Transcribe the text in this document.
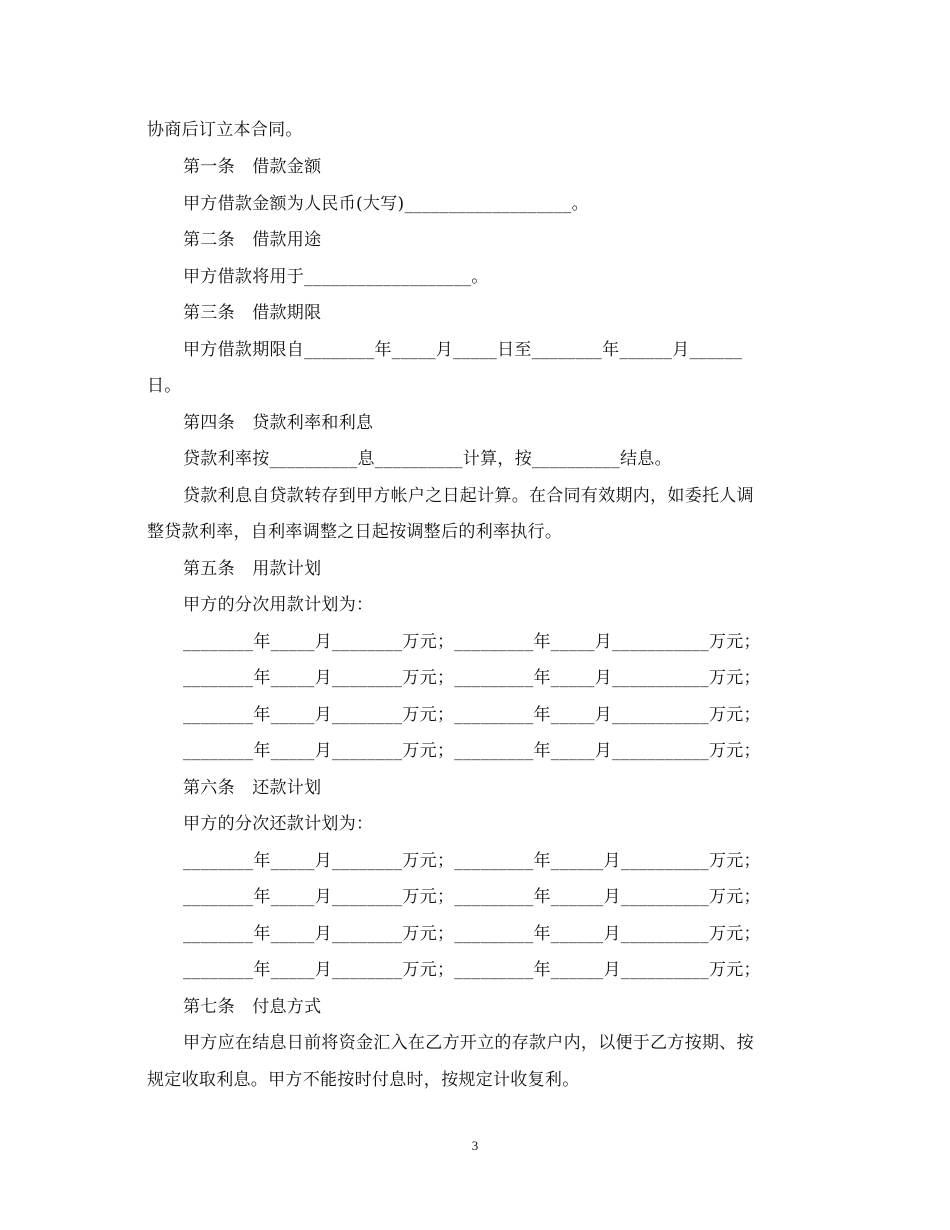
协商后订立本合同。
第一条　借款金额
甲方借款金额为人民币(大写)___________________。
第二条　借款用途
甲方借款将用于___________________。
第三条　借款期限
甲方借款期限自________年_____月_____日至________年______月______
日。
第四条　贷款利率和利息
贷款利率按__________息__________计算，按__________结息。
贷款利息自贷款转存到甲方帐户之日起计算。在合同有效期内，如委托人调
整贷款利率，自利率调整之日起按调整后的利率执行。
第五条　用款计划
甲方的分次用款计划为：
________年_____月________万元；_________年_____月___________万元；
________年_____月________万元；_________年_____月___________万元；
________年_____月________万元；_________年_____月___________万元；
________年_____月________万元；_________年_____月___________万元；
第六条　还款计划
甲方的分次还款计划为：
________年_____月________万元；_________年______月__________万元；
________年_____月________万元；_________年______月__________万元；
________年_____月________万元；_________年______月__________万元；
________年_____月________万元；_________年______月__________万元；
第七条　付息方式
甲方应在结息日前将资金汇入在乙方开立的存款户内，以便于乙方按期、按
规定收取利息。甲方不能按时付息时，按规定计收复利。
3
